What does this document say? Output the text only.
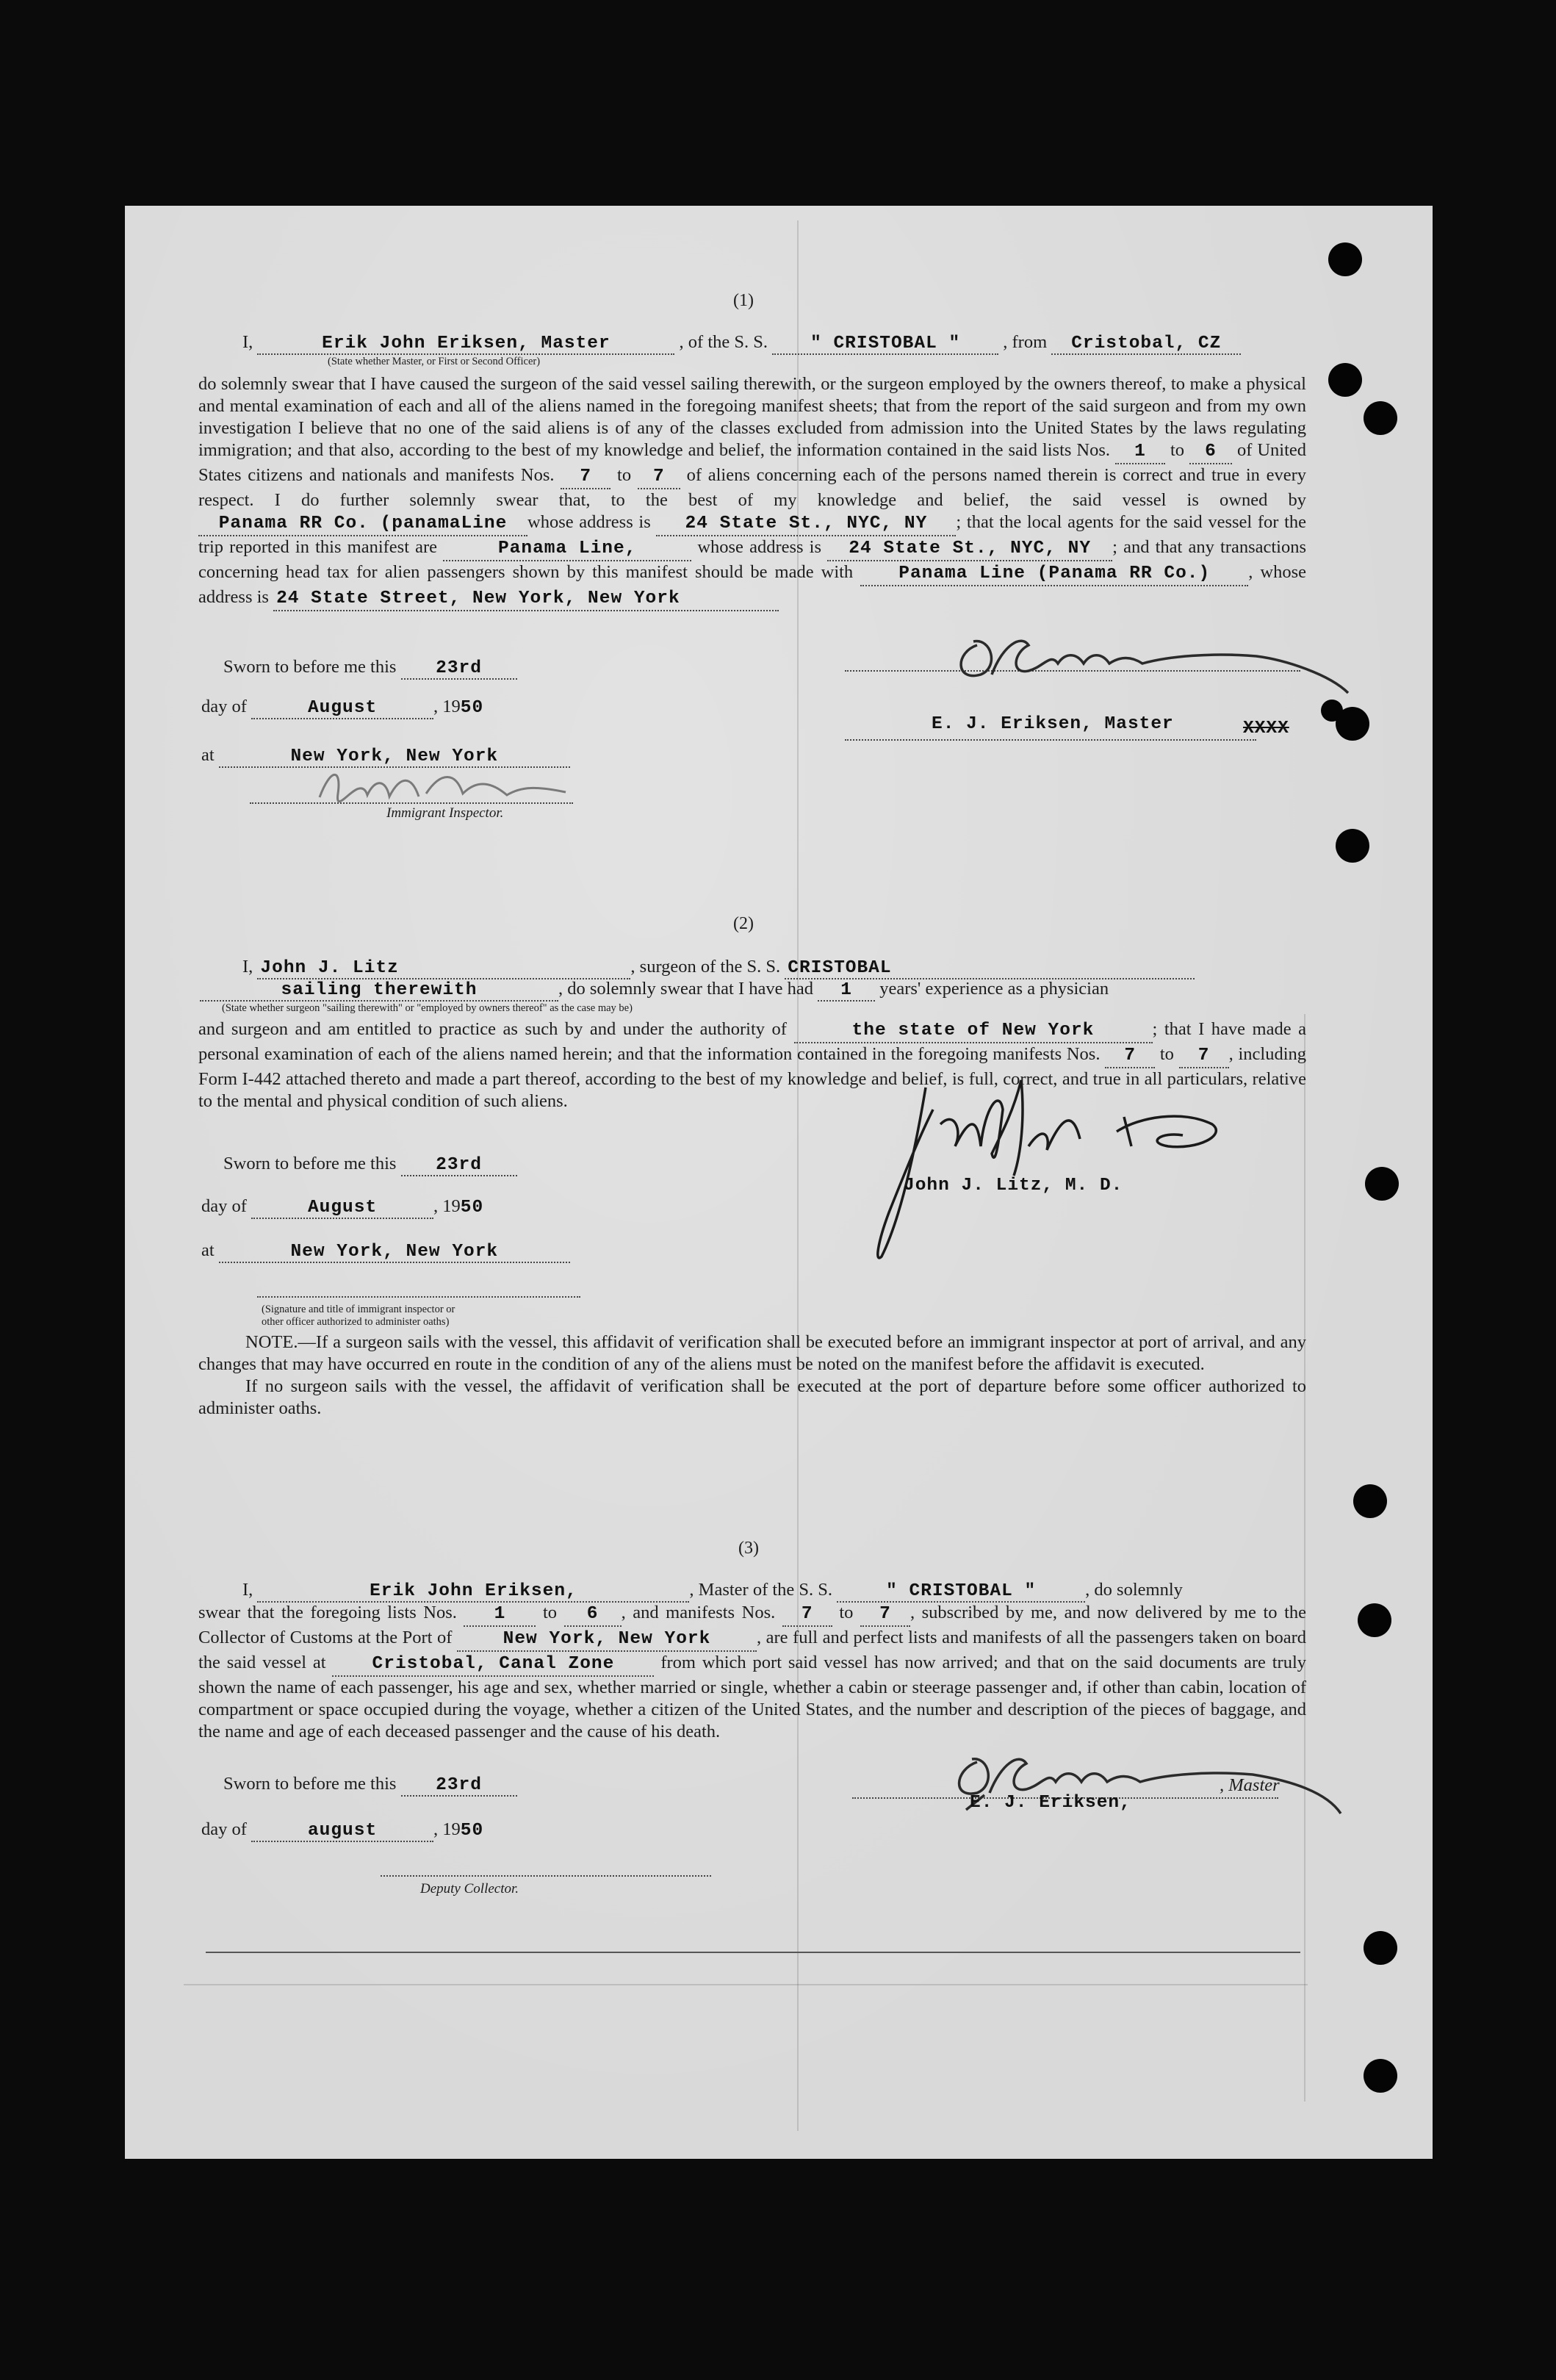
(1)
I,	Erik John Eriksen, Master	, of the S. S. " CRISTOBAL " , from Cristobal, CZ
(State whether Master, or First or Second Officer)

do solemnly swear that I have caused the surgeon of the said vessel sailing therewith, or the surgeon employed by the owners thereof, to make a physical and mental examination of each and all of the aliens named in the foregoing manifest sheets; that from the report of the said surgeon and from my own investigation I believe that no one of the said aliens is of any of the classes excluded from admission into the United States by the laws regulating immigration; and that also, according to the best of my knowledge and belief, the information contained in the said lists Nos. 1 to 6 of United States citizens and nationals and manifests Nos. 7 to 7 of aliens concerning each of the persons named therein is correct and true in every respect. I do further solemnly swear that, to the best of my knowledge and belief, the said vessel is owned by Panama RR Co. (panamaLine whose address is 24 State St., NYC, NY ; that the local agents for the said vessel for the trip reported in this manifest are	Panama Line,	whose address is 24 State St., NYC, NY ; and that any transactions concerning head tax for alien passengers shown by this manifest should be made with	Panama Line (Panama RR Co.) , whose address is 24 State Street, New York, New York

Sworn to before me this 23rd
day of	August	, 1950
at	New York, New York
Immigrant Inspector.
E. J. Eriksen, Master	XXXX
(2)
I, John J. Litz	, surgeon of the S. S. CRISTOBAL
sailing therewith	, do solemnly swear that I have had 1 years' experience as a physician
(State whether surgeon "sailing therewith" or "employed by owners thereof" as the case may be)

and surgeon and am entitled to practice as such by and under the authority of	the state of New York	; that I have made a personal examination of each of the aliens named herein; and that the information contained in the foregoing manifests Nos. 7 to 7 , including Form I-442 attached thereto and made a part thereof, according to the best of my knowledge and belief, is full, correct, and true in all particulars, relative to the mental and physical condition of such aliens.

Sworn to before me this 23rd
day of	August	, 1950
at	New York, New York
(Signature and title of immigrant inspector or
other officer authorized to administer oaths)
John J. Litz, M. D.

NOTE.—If a surgeon sails with the vessel, this affidavit of verification shall be executed before an immigrant inspector at port of arrival, and any changes that may have occurred en route in the condition of any of the aliens must be noted on the manifest before the affidavit is executed.

If no surgeon sails with the vessel, the affidavit of verification shall be executed at the port of departure before some officer authorized to administer oaths.

(3)
I,	Erik John Eriksen,	, Master of the S. S.	" CRISTOBAL "	, do solemnly

swear that the foregoing lists Nos. 1 to 6 , and manifests Nos. 7 to 7 , subscribed by me, and now delivered by me to the Collector of Customs at the Port of	New York, New York	, are full and perfect lists and manifests of all the passengers taken on board the said vessel at	Cristobal, Canal Zone	from which port said vessel has now arrived; and that on the said documents are truly shown the name of each passenger, his age and sex, whether married or single, whether a cabin or steerage passenger and, if other than cabin, location of compartment or space occupied during the voyage, whether a citizen of the United States, and the number and description of the pieces of baggage, and the name and age of each deceased passenger and the cause of his death.

Sworn to before me this 23rd
day of	august	, 1950
Deputy Collector.
E. J. Eriksen,
, Master
